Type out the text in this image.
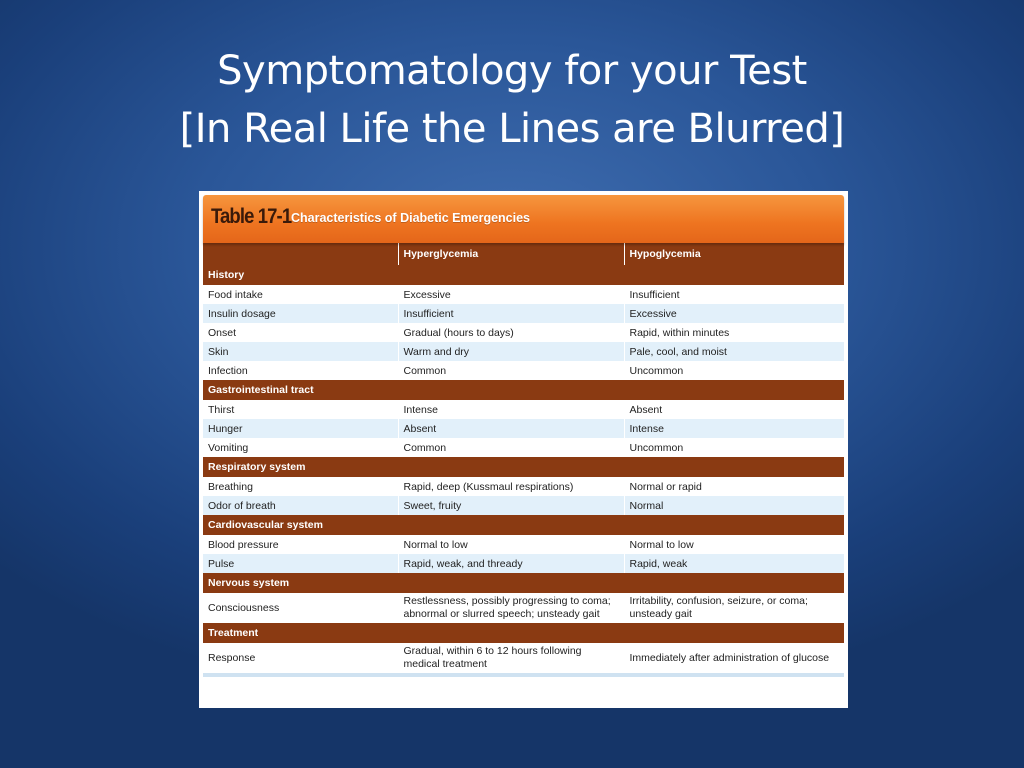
Symptomatology for your Test
[In Real Life the Lines are Blurred]
Table 17-1 Characteristics of Diabetic Emergencies
	Hyperglycemia	Hypoglycemia
History		
Food intake	Excessive	Insufficient
Insulin dosage	Insufficient	Excessive
Onset	Gradual (hours to days)	Rapid, within minutes
Skin	Warm and dry	Pale, cool, and moist
Infection	Common	Uncommon
Gastrointestinal tract		
Thirst	Intense	Absent
Hunger	Absent	Intense
Vomiting	Common	Uncommon
Respiratory system		
Breathing	Rapid, deep (Kussmaul respirations)	Normal or rapid
Odor of breath	Sweet, fruity	Normal
Cardiovascular system		
Blood pressure	Normal to low	Normal to low
Pulse	Rapid, weak, and thready	Rapid, weak
Nervous system		
Consciousness	Restlessness, possibly progressing to coma; abnormal or slurred speech; unsteady gait	Irritability, confusion, seizure, or coma; unsteady gait
Treatment		
Response	Gradual, within 6 to 12 hours following medical treatment	Immediately after administration of glucose
